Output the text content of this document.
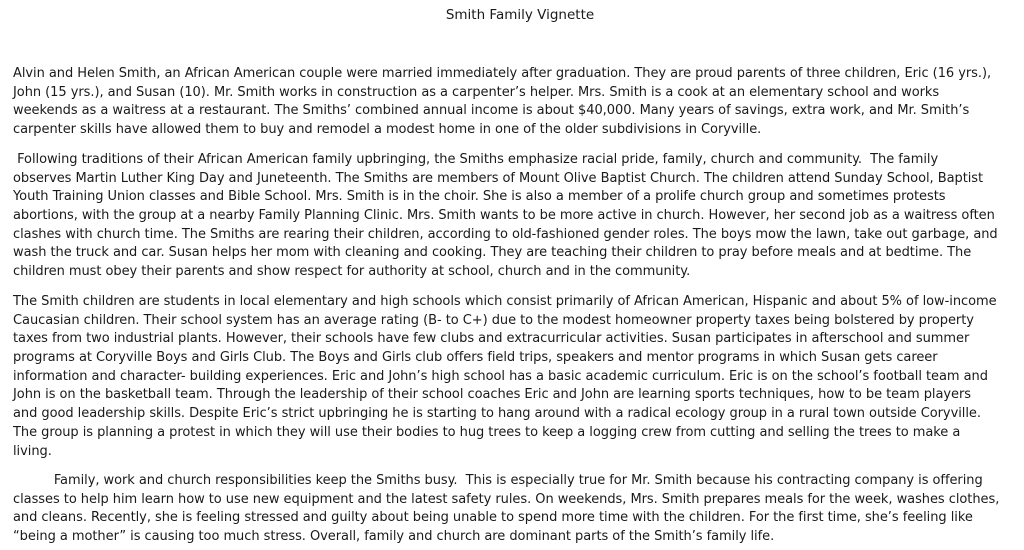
Smith Family Vignette
Alvin and Helen Smith, an African American couple were married immediately after graduation. They are proud parents of three children, Eric (16 yrs.),
John (15 yrs.), and Susan (10). Mr. Smith works in construction as a carpenter’s helper. Mrs. Smith is a cook at an elementary school and works
weekends as a waitress at a restaurant. The Smiths’ combined annual income is about $40,000. Many years of savings, extra work, and Mr. Smith’s
carpenter skills have allowed them to buy and remodel a modest home in one of the older subdivisions in Coryville.
Following traditions of their African American family upbringing, the Smiths emphasize racial pride, family, church and community.  The family
observes Martin Luther King Day and Juneteenth. The Smiths are members of Mount Olive Baptist Church. The children attend Sunday School, Baptist
Youth Training Union classes and Bible School. Mrs. Smith is in the choir. She is also a member of a prolife church group and sometimes protests
abortions, with the group at a nearby Family Planning Clinic. Mrs. Smith wants to be more active in church. However, her second job as a waitress often
clashes with church time. The Smiths are rearing their children, according to old-fashioned gender roles. The boys mow the lawn, take out garbage, and
wash the truck and car. Susan helps her mom with cleaning and cooking. They are teaching their children to pray before meals and at bedtime. The
children must obey their parents and show respect for authority at school, church and in the community.
The Smith children are students in local elementary and high schools which consist primarily of African American, Hispanic and about 5% of low-income
Caucasian children. Their school system has an average rating (B- to C+) due to the modest homeowner property taxes being bolstered by property
taxes from two industrial plants. However, their schools have few clubs and extracurricular activities. Susan participates in afterschool and summer
programs at Coryville Boys and Girls Club. The Boys and Girls club offers field trips, speakers and mentor programs in which Susan gets career
information and character- building experiences. Eric and John’s high school has a basic academic curriculum. Eric is on the school’s football team and
John is on the basketball team. Through the leadership of their school coaches Eric and John are learning sports techniques, how to be team players
and good leadership skills. Despite Eric’s strict upbringing he is starting to hang around with a radical ecology group in a rural town outside Coryville.
The group is planning a protest in which they will use their bodies to hug trees to keep a logging crew from cutting and selling the trees to make a
living.
Family, work and church responsibilities keep the Smiths busy.  This is especially true for Mr. Smith because his contracting company is offering
classes to help him learn how to use new equipment and the latest safety rules. On weekends, Mrs. Smith prepares meals for the week, washes clothes,
and cleans. Recently, she is feeling stressed and guilty about being unable to spend more time with the children. For the first time, she’s feeling like
“being a mother” is causing too much stress. Overall, family and church are dominant parts of the Smith’s family life.
